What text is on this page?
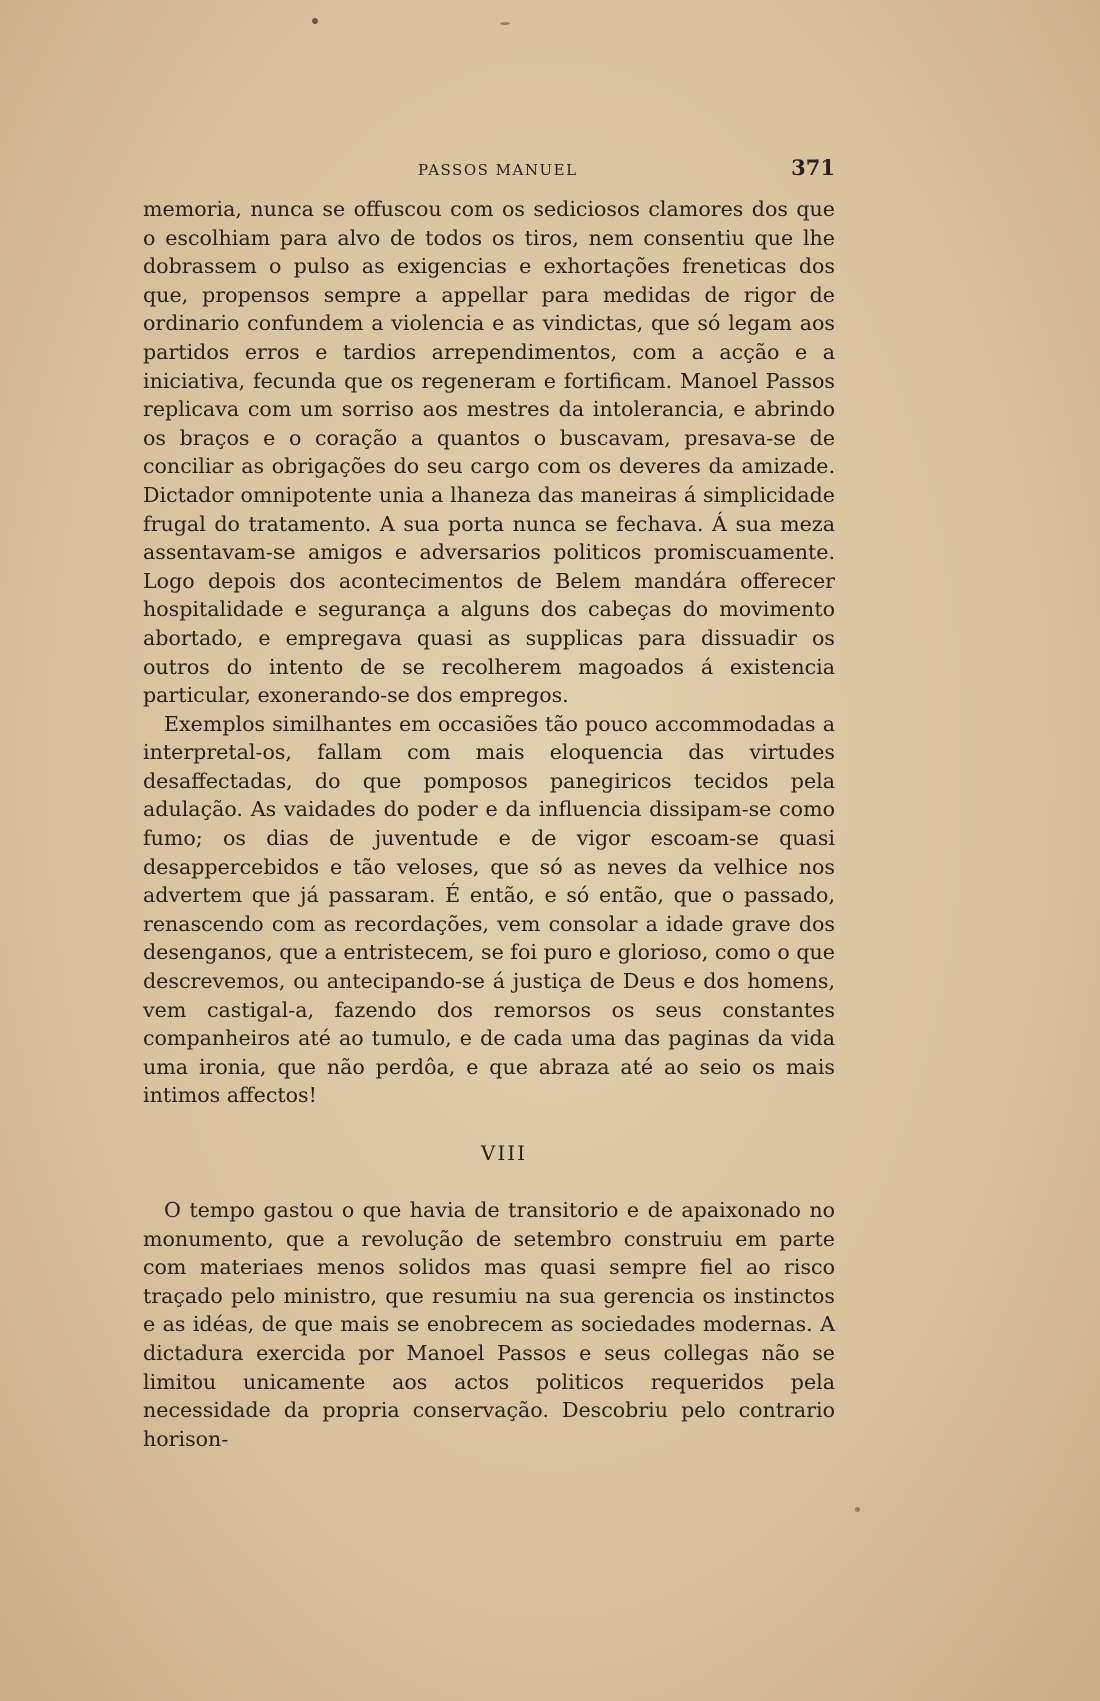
PASSOS MANUEL	371

memoria, nunca se offuscou com os sediciosos clamores dos que o escolhiam para alvo de todos os tiros, nem consentiu que lhe dobrassem o pulso as exigencias e exhortações freneticas dos que, propensos sempre a appellar para medidas de rigor de ordinario confundem a violencia e as vindictas, que só legam aos partidos erros e tardios arrependimentos, com a acção e a iniciativa, fecunda que os regeneram e fortificam. Manoel Passos replicava com um sorriso aos mestres da intolerancia, e abrindo os braços e o coração a quantos o buscavam, presava-se de conciliar as obrigações do seu cargo com os deveres da amizade. Dictador omnipotente unia a lhaneza das maneiras á simplicidade frugal do tratamento. A sua porta nunca se fechava. Á sua meza assentavam-se amigos e adversarios politicos promiscuamente. Logo depois dos acontecimentos de Belem mandára offerecer hospitalidade e segurança a alguns dos cabeças do movimento abortado, e empregava quasi as supplicas para dissuadir os outros do intento de se recolherem magoados á existencia particular, exonerando-se dos empregos.

Exemplos similhantes em occasiões tão pouco accommodadas a interpretal-os, fallam com mais eloquencia das virtudes desaffectadas, do que pomposos panegiricos tecidos pela adulação. As vaidades do poder e da influencia dissipam-se como fumo; os dias de juventude e de vigor escoam-se quasi desappercebidos e tão veloses, que só as neves da velhice nos advertem que já passaram. É então, e só então, que o passado, renascendo com as recordações, vem consolar a idade grave dos desenganos, que a entristecem, se foi puro e glorioso, como o que descrevemos, ou antecipando-se á justiça de Deus e dos homens, vem castigal-a, fazendo dos remorsos os seus constantes companheiros até ao tumulo, e de cada uma das paginas da vida uma ironia, que não perdôa, e que abraza até ao seio os mais intimos affectos!

VIII

O tempo gastou o que havia de transitorio e de apaixonado no monumento, que a revolução de setembro construiu em parte com materiaes menos solidos mas quasi sempre fiel ao risco traçado pelo ministro, que resumiu na sua gerencia os instinctos e as idéas, de que mais se enobrecem as sociedades modernas. A dictadura exercida por Manoel Passos e seus collegas não se limitou unicamente aos actos politicos requeridos pela necessidade da propria conservação. Descobriu pelo contrario horison-
